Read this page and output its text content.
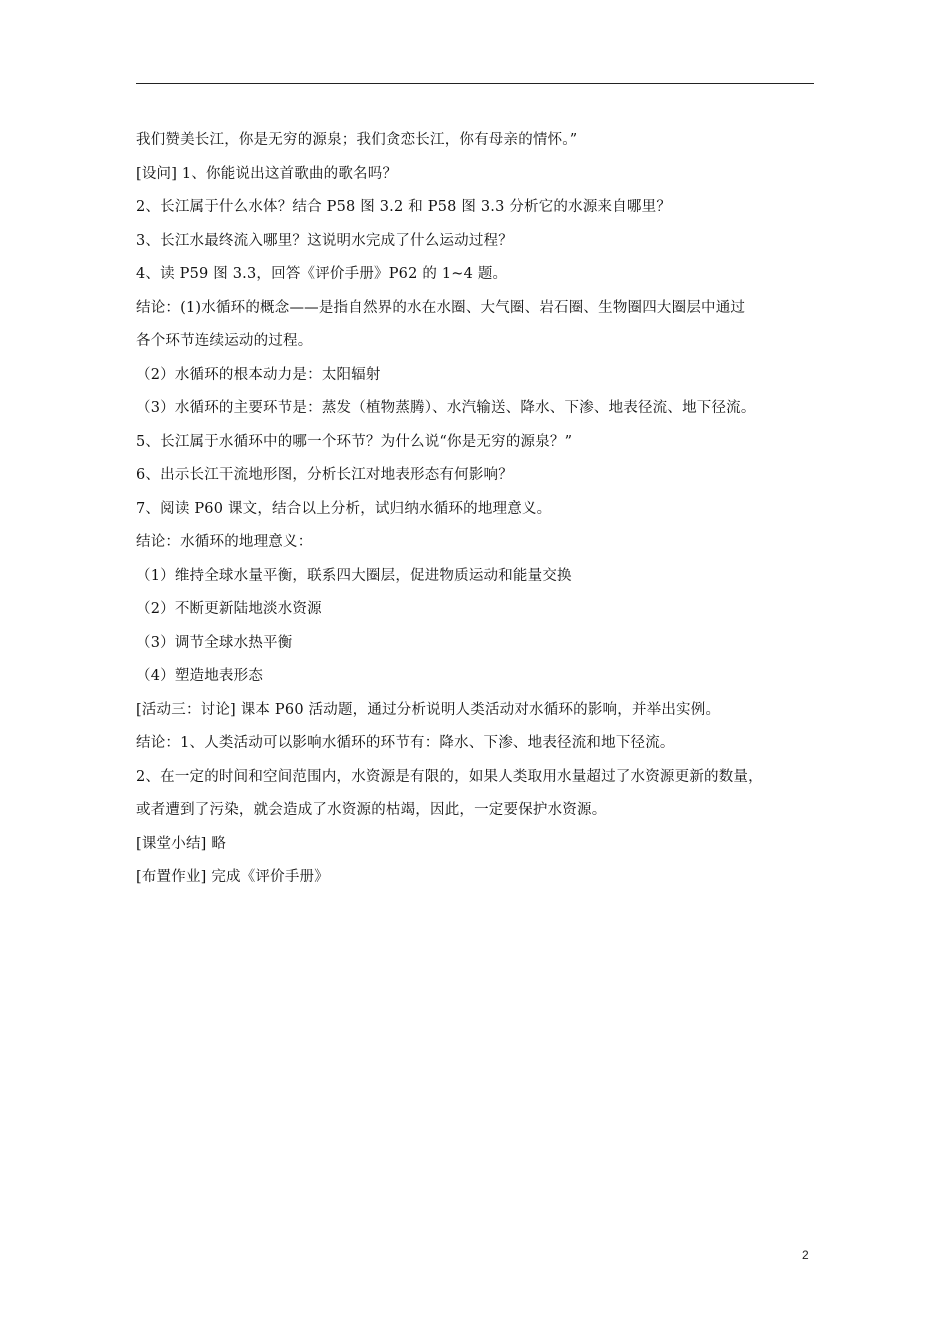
我们赞美长江，你是无穷的源泉；我们贪恋长江，你有母亲的情怀。”
[设问] 1、你能说出这首歌曲的歌名吗？
2、长江属于什么水体？结合 P58 图 3.2 和 P58 图 3.3 分析它的水源来自哪里？
3、长江水最终流入哪里？这说明水完成了什么运动过程？
4、读 P59 图 3.3，回答《评价手册》P62 的 1~4 题。
结论：(1)水循环的概念——是指自然界的水在水圈、大气圈、岩石圈、生物圈四大圈层中通过
各个环节连续运动的过程。
（2）水循环的根本动力是：太阳辐射
（3）水循环的主要环节是：蒸发（植物蒸腾）、水汽输送、降水、下渗、地表径流、地下径流。
5、长江属于水循环中的哪一个环节？为什么说“你是无穷的源泉？”
6、出示长江干流地形图，分析长江对地表形态有何影响？
7、阅读 P60 课文，结合以上分析，试归纳水循环的地理意义。
结论：水循环的地理意义：
（1）维持全球水量平衡，联系四大圈层，促进物质运动和能量交换
（2）不断更新陆地淡水资源
（3）调节全球水热平衡
（4）塑造地表形态
[活动三：讨论] 课本 P60 活动题，通过分析说明人类活动对水循环的影响，并举出实例。
结论：1、人类活动可以影响水循环的环节有：降水、下渗、地表径流和地下径流。
2、在一定的时间和空间范围内，水资源是有限的，如果人类取用水量超过了水资源更新的数量，
或者遭到了污染，就会造成了水资源的枯竭，因此，一定要保护水资源。
[课堂小结] 略
[布置作业] 完成《评价手册》
2
